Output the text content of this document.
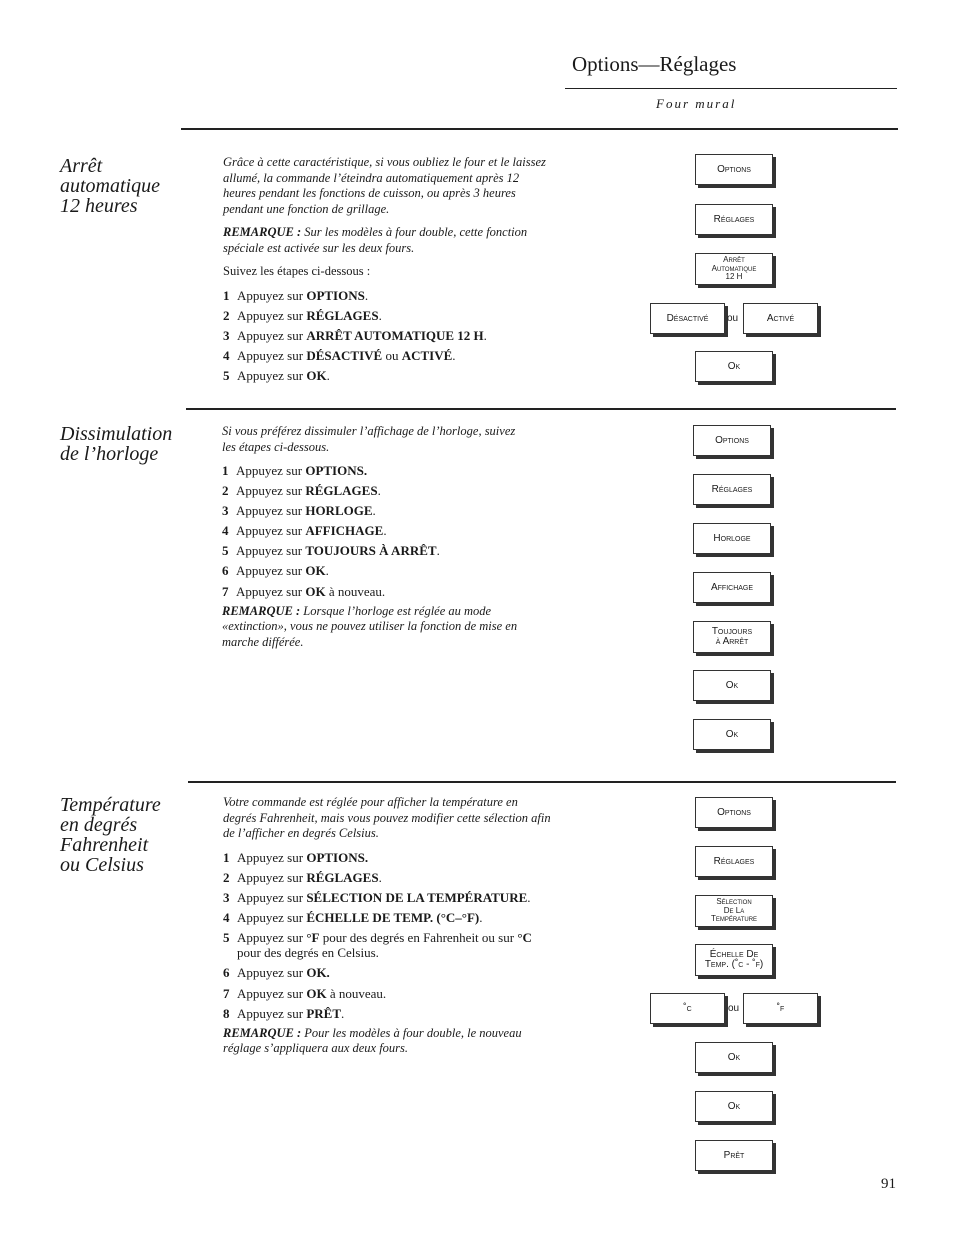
Options—Réglages
Four mural
Arrêt
automatique
12 heures

Grâce à cette caractéristique, si vous oubliez le four et le laissez allumé, la commande l’éteindra automatiquement après 12 heures pendant les fonctions de cuisson, ou après 3 heures pendant une fonction de grillage.

REMARQUE : Sur les modèles à four double, cette fonction spéciale est activée sur les deux fours.

Suivez les étapes ci-dessous :

1 Appuyez sur OPTIONS.
2 Appuyez sur RÉGLAGES.
3 Appuyez sur ARRÊT AUTOMATIQUE 12 H.
4 Appuyez sur DÉSACTIVÉ ou ACTIVÉ.
5 Appuyez sur OK.
Options
Réglages
Arrêt
Automatique
12 H
Désactivé ou	Activé
Ok
Dissimulation
de l’horloge

Si vous préférez dissimuler l’affichage de l’horloge, suivez les étapes ci-dessous.

1 Appuyez sur OPTIONS.
2 Appuyez sur RÉGLAGES.
3 Appuyez sur HORLOGE.
4 Appuyez sur AFFICHAGE.
5 Appuyez sur TOUJOURS À ARRÊT.
6 Appuyez sur OK.
7 Appuyez sur OK à nouveau.

REMARQUE : Lorsque l’horloge est réglée au mode «extinction», vous ne pouvez utiliser la fonction de mise en marche différée.

Options
Réglages
Horloge
Affichage
Toujours
à Arrêt
Ok
Ok
Température
en degrés
Fahrenheit
ou Celsius

Votre commande est réglée pour afficher la température en degrés Fahrenheit, mais vous pouvez modifier cette sélection afin de l’afficher en degrés Celsius.

1 Appuyez sur OPTIONS.
2 Appuyez sur RÉGLAGES.
3 Appuyez sur SÉLECTION DE LA TEMPÉRATURE.
4 Appuyez sur ÉCHELLE DE TEMP. (°C–°F).
5 Appuyez sur °F pour des degrés en Fahrenheit ou sur °C pour des degrés en Celsius.
6 Appuyez sur OK.
7 Appuyez sur OK à nouveau.
8 Appuyez sur PRÊT.

REMARQUE : Pour les modèles à four double, le nouveau réglage s’appliquera aux deux fours.

Options
Réglages
Sélection
De La
Température
Échelle De
Temp. (˚c - ˚f)
˚c	ou	˚f
Ok
Ok
Prêt
91
